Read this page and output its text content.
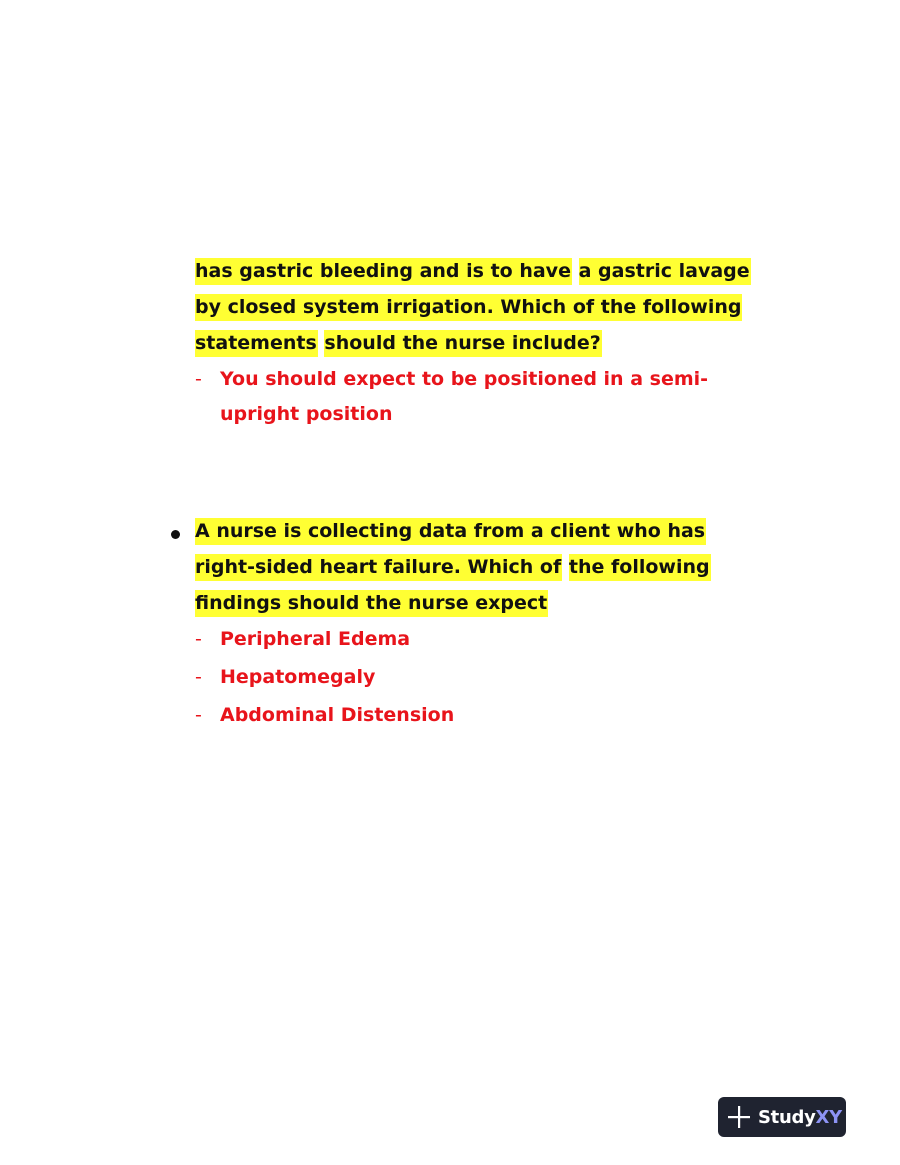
has gastric bleeding and is to have a gastric lavage
by closed system irrigation. Which of the following
statements should the nurse include?
- You should expect to be positioned in a semi-
upright position
A nurse is collecting data from a client who has
right-sided heart failure. Which of the following
findings should the nurse expect
- Peripheral Edema
- Hepatomegaly
- Abdominal Distension
StudyXY
